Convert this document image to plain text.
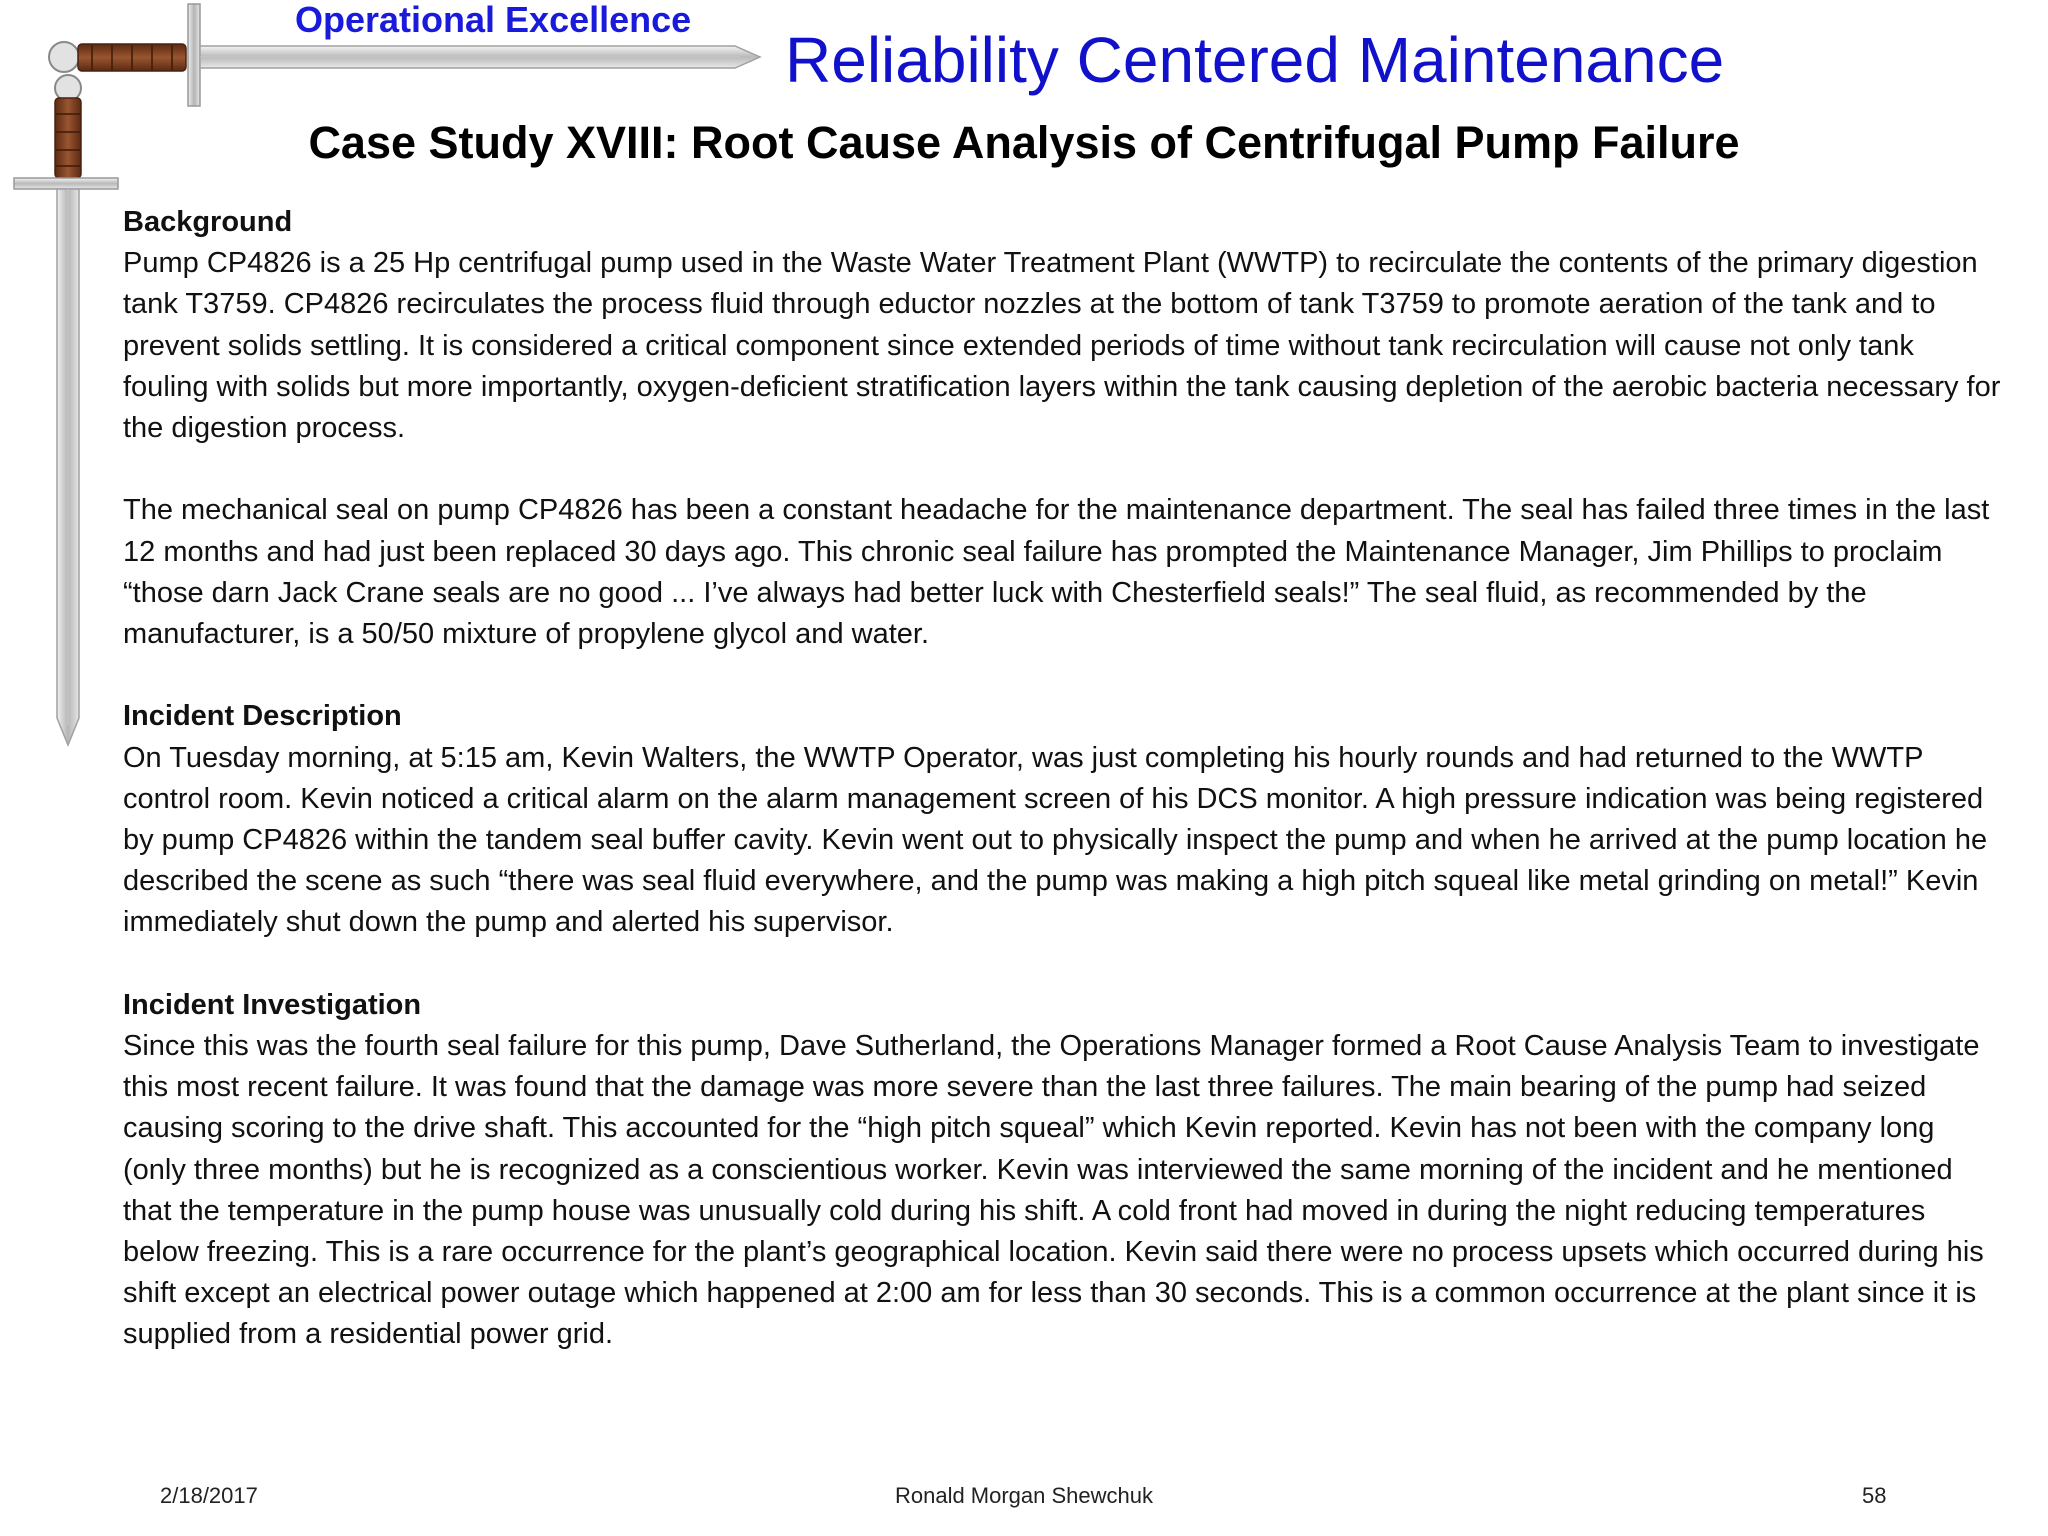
Operational Excellence
Reliability Centered Maintenance
Case Study XVIII: Root Cause Analysis of Centrifugal Pump Failure
Background

Pump CP4826 is a 25 Hp centrifugal pump used in the Waste Water Treatment Plant (WWTP) to recirculate the contents of the primary digestion tank T3759. CP4826 recirculates the process fluid through eductor nozzles at the bottom of tank T3759 to promote aeration of the tank and to prevent solids settling. It is considered a critical component since extended periods of time without tank recirculation will cause not only tank fouling with solids but more importantly, oxygen-deficient stratification layers within the tank causing depletion of the aerobic bacteria necessary for the digestion process.

The mechanical seal on pump CP4826 has been a constant headache for the maintenance department. The seal has failed three times in the last 12 months and had just been replaced 30 days ago. This chronic seal failure has prompted the Maintenance Manager, Jim Phillips to proclaim “those darn Jack Crane seals are no good ... I’ve always had better luck with Chesterfield seals!” The seal fluid, as recommended by the manufacturer, is a 50/50 mixture of propylene glycol and water.

Incident Description

On Tuesday morning, at 5:15 am, Kevin Walters, the WWTP Operator, was just completing his hourly rounds and had returned to the WWTP control room. Kevin noticed a critical alarm on the alarm management screen of his DCS monitor. A high pressure indication was being registered by pump CP4826 within the tandem seal buffer cavity. Kevin went out to physically inspect the pump and when he arrived at the pump location he described the scene as such “there was seal fluid everywhere, and the pump was making a high pitch squeal like metal grinding on metal!” Kevin immediately shut down the pump and alerted his supervisor.

Incident Investigation

Since this was the fourth seal failure for this pump, Dave Sutherland, the Operations Manager formed a Root Cause Analysis Team to investigate this most recent failure. It was found that the damage was more severe than the last three failures. The main bearing of the pump had seized causing scoring to the drive shaft. This accounted for the “high pitch squeal” which Kevin reported. Kevin has not been with the company long (only three months) but he is recognized as a conscientious worker. Kevin was interviewed the same morning of the incident and he mentioned that the temperature in the pump house was unusually cold during his shift. A cold front had moved in during the night reducing temperatures below freezing. This is a rare occurrence for the plant’s geographical location. Kevin said there were no process upsets which occurred during his shift except an electrical power outage which happened at 2:00 am for less than 30 seconds. This is a common occurrence at the plant since it is supplied from a residential power grid.

2/18/2017	Ronald Morgan Shewchuk	58
